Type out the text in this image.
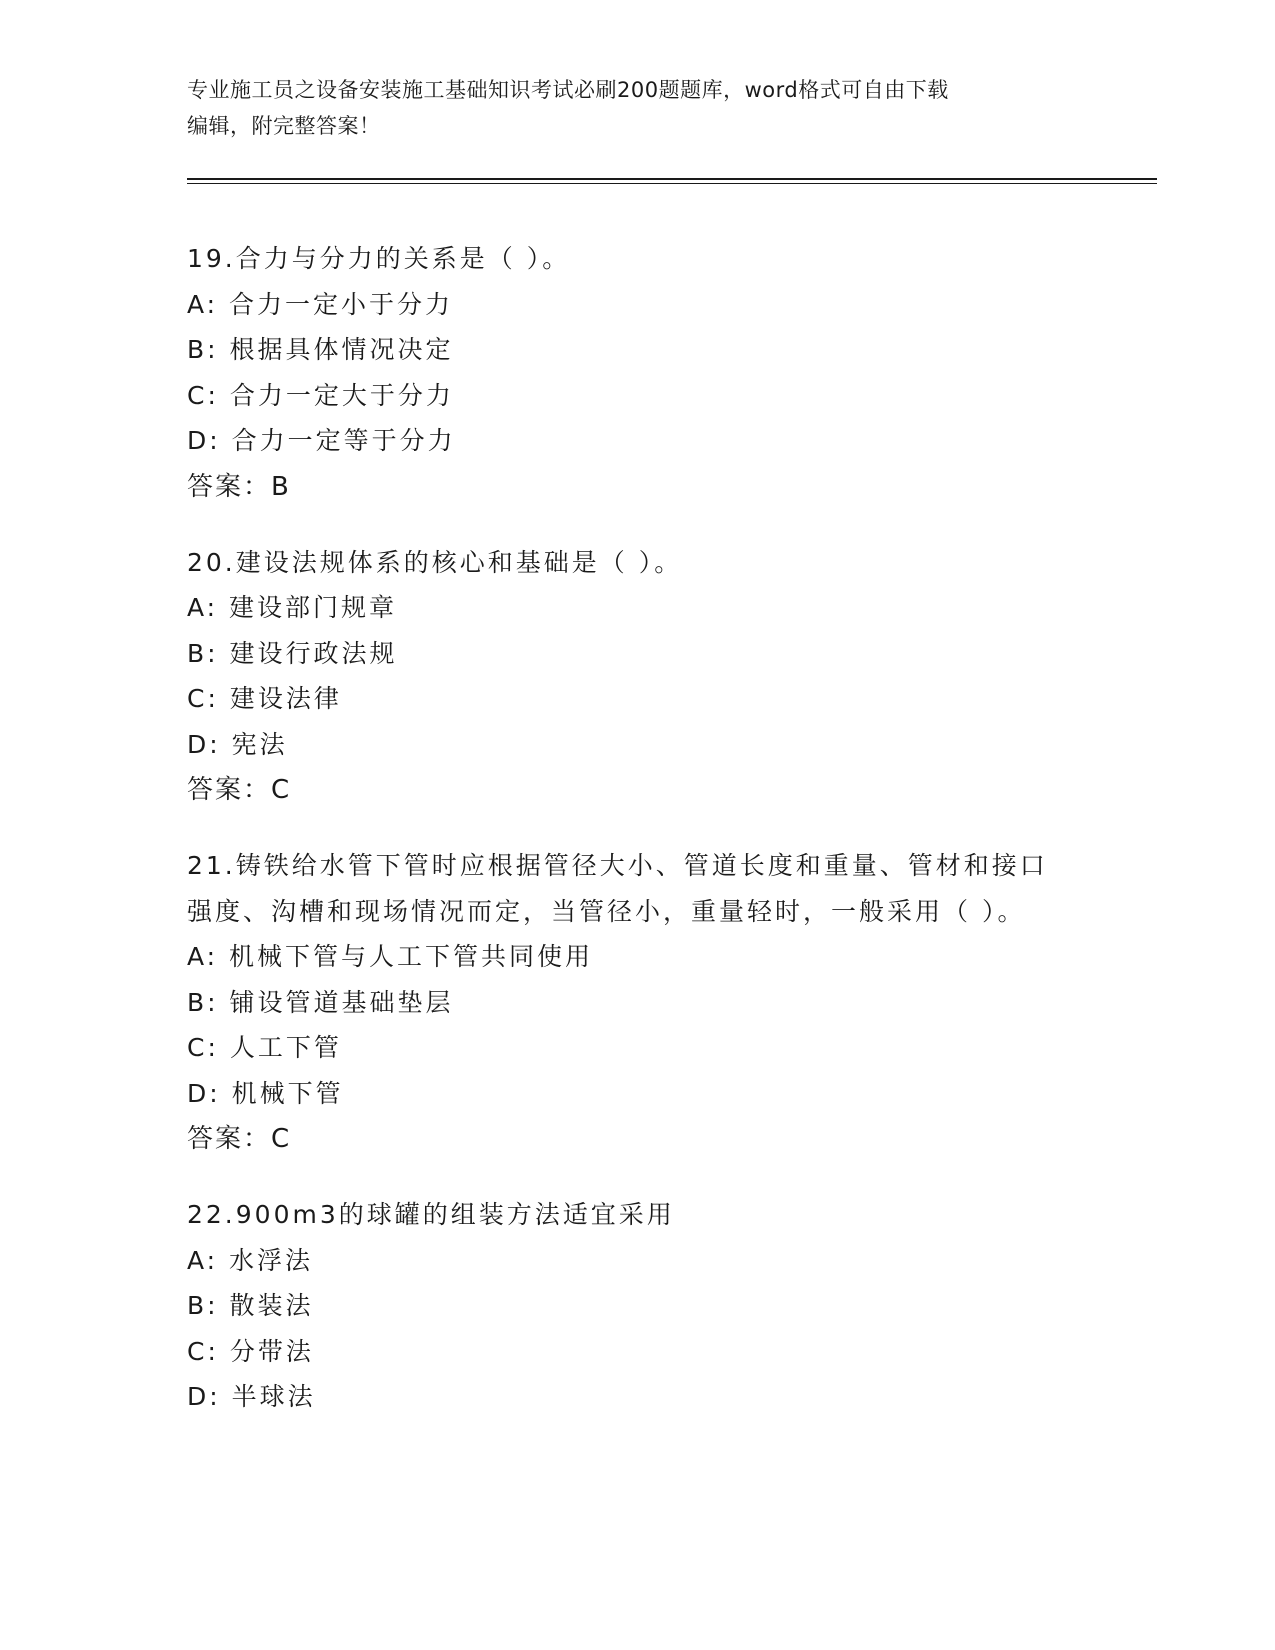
专业施工员之设备安装施工基础知识考试必刷200题题库，word格式可自由下载
编辑，附完整答案！
19.合力与分力的关系是（ ）。
A: 合力一定小于分力
B: 根据具体情况决定
C: 合力一定大于分力
D: 合力一定等于分力
答案：B
20.建设法规体系的核心和基础是（ ）。
A: 建设部门规章
B: 建设行政法规
C: 建设法律
D: 宪法
答案：C
21.铸铁给水管下管时应根据管径大小、管道长度和重量、管材和接口
强度、沟槽和现场情况而定，当管径小，重量轻时，一般采用（ ）。
A: 机械下管与人工下管共同使用
B: 铺设管道基础垫层
C: 人工下管
D: 机械下管
答案：C
22.900m3的球罐的组装方法适宜采用
A: 水浮法
B: 散装法
C: 分带法
D: 半球法
